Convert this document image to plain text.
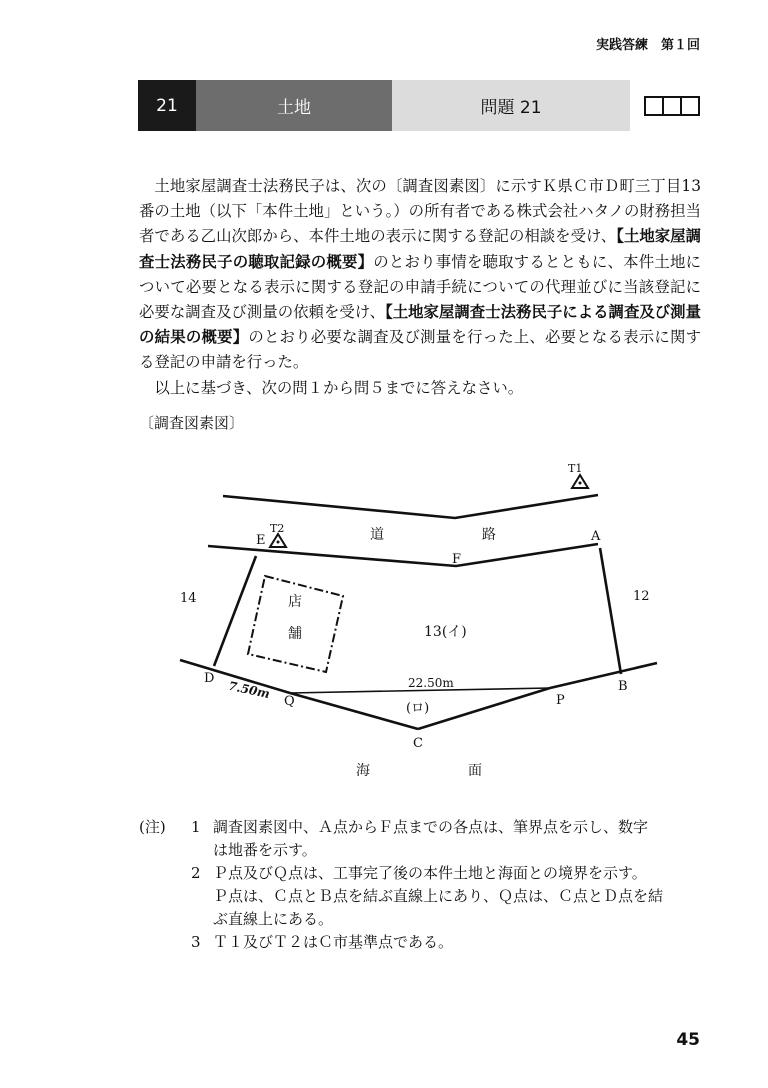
実践答練　第１回
21	土地	問題 21

土地家屋調査士法務民子は、次の〔調査図素図〕に示すＫ県Ｃ市Ｄ町三丁目13番の土地（以下「本件土地」という。）の所有者である株式会社ハタノの財務担当者である乙山次郎から、本件土地の表示に関する登記の相談を受け、【土地家屋調査士法務民子の聴取記録の概要】のとおり事情を聴取するとともに、本件土地について必要となる表示に関する登記の申請手続についての代理並びに当該登記に必要な調査及び測量の依頼を受け、【土地家屋調査士法務民子による調査及び測量の結果の概要】のとおり必要な調査及び測量を行った上、必要となる表示に関する登記の申請を行った。

以上に基づき、次の問１から問５までに答えなさい。

〔調査図素図〕
T1
T2	道　　　　　　　路
E	A
F
14	12
店
舗	13(イ)
D
B
22.50m
7.50m
Q	P
(ロ)
C
海　　　　　　　面
(注)	1 調査図素図中、Ａ点からＦ点までの各点は、筆界点を示し、数字
は地番を示す。
2 Ｐ点及びＱ点は、工事完了後の本件土地と海面との境界を示す。
Ｐ点は、Ｃ点とＢ点を結ぶ直線上にあり、Ｑ点は、Ｃ点とＤ点を結
ぶ直線上にある。
3 Ｔ１及びＴ２はＣ市基準点である。
45
